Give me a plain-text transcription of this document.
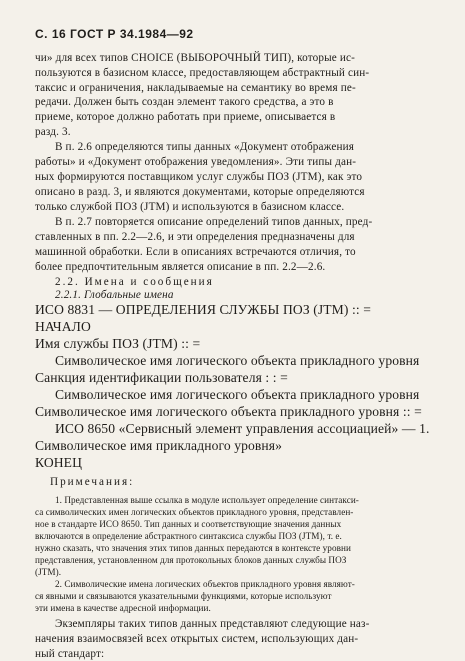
С. 16 ГОСТ Р 34.1984—92
чи» для всех типов CHOICE (ВЫБОРОЧНЫЙ ТИП), которые ис-
пользуются в базисном классе, предоставляющем абстрактный син-
таксис и ограничения, накладываемые на семантику во время пе-
редачи. Должен быть создан элемент такого средства, а это в
приеме, которое должно работать при приеме, описывается в
разд. 3.
В п. 2.6 определяются типы данных «Документ отображения
работы» и «Документ отображения уведомления». Эти типы дан-
ных формируются поставщиком услуг службы ПОЗ (JTM), как это
описано в разд. 3, и являются документами, которые определяются
только службой ПОЗ (JTM) и используются в базисном классе.
В п. 2.7 повторяется описание определений типов данных, пред-
ставленных в пп. 2.2—2.6, и эти определения предназначены для
машинной обработки. Если в описаниях встречаются отличия, то
более предпочтительным является описание в пп. 2.2—2.6.
2.2. Имена и сообщения
2.2.1. Глобальные имена
ИСО 8831 — ОПРЕДЕЛЕНИЯ СЛУЖБЫ ПОЗ (JTM) :: =
НАЧАЛО
Имя службы ПОЗ (JTM) :: =
Символическое имя логического объекта прикладного уровня
Санкция идентификации пользователя : : =
Символическое имя логического объекта прикладного уровня
Символическое имя логического объекта прикладного уровня :: =
ИСО 8650 «Сервисный элемент управления ассоциацией» — 1.
Символическое имя прикладного уровня»
КОНЕЦ
Примечания:
1. Представленная выше ссылка в модуле использует определение синтакси-
са символических имен логических объектов прикладного уровня, представлен-
ное в стандарте ИСО 8650. Тип данных и соответствующие значения данных
включаются в определение абстрактного синтаксиса службы ПОЗ (JTM), т. е.
нужно сказать, что значения этих типов данных передаются в контексте уровни
представления, установленном для протокольных блоков данных службы ПОЗ
(JTM).
2. Символические имена логических объектов прикладного уровня являют-
ся явными и связываются указательными функциями, которые используют
эти имена в качестве адресной информации.
Экземпляры таких типов данных представляют следующие наз-
начения взаимосвязей всех открытых систем, использующих дан-
ный стандарт:
